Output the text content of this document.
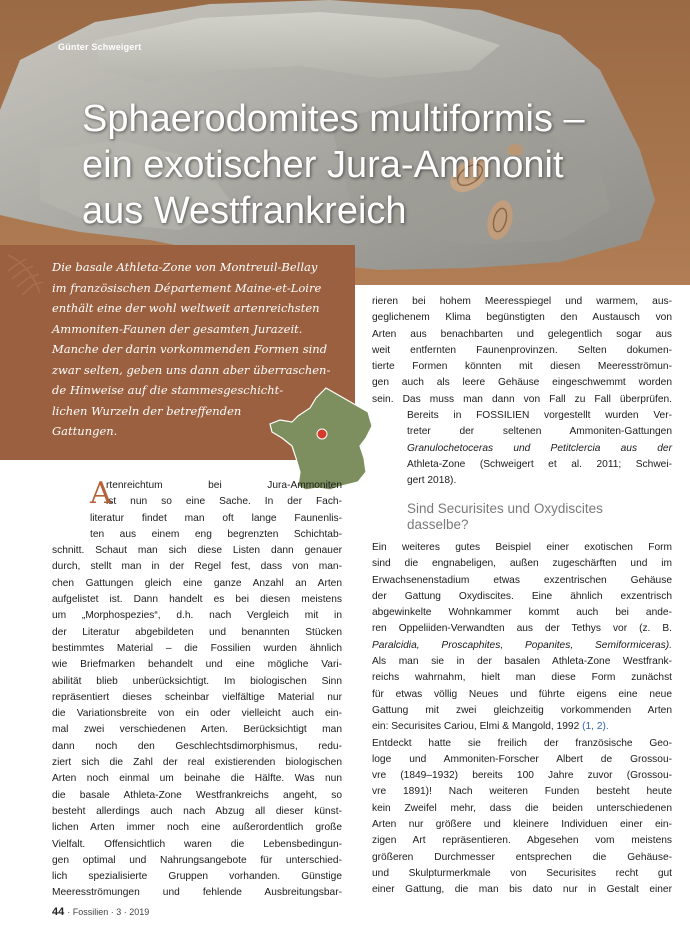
Günter Schweigert

Sphaerodomites multiformis –
ein exotischer Jura-Ammonit
aus Westfrankreich

Die basale Athleta-Zone von Montreuil-Bellay
im französischen Département Maine-et-Loire
enthält eine der wohl weltweit artenreichsten
Ammoniten-Faunen der gesamten Jurazeit.
Manche der darin vorkommenden Formen sind
zwar selten, geben uns dann aber überraschen-
de Hinweise auf die stammesgeschicht-
lichen Wurzeln der betreffenden
Gattungen.

A
rtenreichtum bei Jura-Ammoniten
ist nun so eine Sache. In der Fach-
literatur findet man oft lange Faunenlis-
ten aus einem eng begrenzten Schichtab-
schnitt. Schaut man sich diese Listen dann genauer
durch, stellt man in der Regel fest, dass von man-
chen Gattungen gleich eine ganze Anzahl an Arten
aufgelistet ist. Dann handelt es bei diesen meistens
um „Morphospezies“, d.h. nach Vergleich mit in
der Literatur abgebildeten und benannten Stücken
bestimmtes Material – die Fossilien wurden ähnlich
wie Briefmarken behandelt und eine mögliche Vari-
abilität blieb unberücksichtigt. Im biologischen Sinn
repräsentiert dieses scheinbar vielfältige Material nur
die Variationsbreite von ein oder vielleicht auch ein-
mal zwei verschiedenen Arten. Berücksichtigt man
dann noch den Geschlechtsdimorphismus, redu-
ziert sich die Zahl der real existierenden biologischen
Arten noch einmal um beinahe die Hälfte. Was nun
die basale Athleta-Zone Westfrankreichs angeht, so
besteht allerdings auch nach Abzug all dieser künst-
lichen Arten immer noch eine außerordentlich große
Vielfalt. Offensichtlich waren die Lebensbedingun-
gen optimal und Nahrungsangebote für unterschied-
lich spezialisierte Gruppen vorhanden. Günstige
Meeresströmungen und fehlende Ausbreitungsbar-
rieren bei hohem Meeresspiegel und warmem, aus-
geglichenem Klima begünstigten den Austausch von
Arten aus benachbarten und gelegentlich sogar aus
weit entfernten Faunenprovinzen. Selten dokumen-
tierte Formen könnten mit diesen Meeresströmun-
gen auch als leere Gehäuse eingeschwemmt worden
sein. Das muss man dann von Fall zu Fall überprüfen.
Bereits in FOSSILIEN vorgestellt wurden Ver-
treter der seltenen Ammoniten-Gattungen
Granulochetoceras und Petitclercia aus der
Athleta-Zone (Schweigert et al. 2011; Schwei-
gert 2018).
Sind Securisites und Oxydiscites
dasselbe?
Ein weiteres gutes Beispiel einer exotischen Form
sind die engnabeligen, außen zugeschärften und im
Erwachsenenstadium etwas exzentrischen Gehäuse
der Gattung Oxydiscites. Eine ähnlich exzentrisch
abgewinkelte Wohnkammer kommt auch bei ande-
ren Oppeliiden-Verwandten aus der Tethys vor (z. B.
Paralcidia, Proscaphites, Popanites, Semiformiceras).
Als man sie in der basalen Athleta-Zone Westfrank-
reichs wahrnahm, hielt man diese Form zunächst
für etwas völlig Neues und führte eigens eine neue
Gattung mit zwei gleichzeitig vorkommenden Arten
ein: Securisites Cariou, Elmi & Mangold, 1992 (1, 2).
Entdeckt hatte sie freilich der französische Geo-
loge und Ammoniten-Forscher Albert de Grossou-
vre (1849–1932) bereits 100 Jahre zuvor (Grossou-
vre 1891)! Nach weiteren Funden besteht heute
kein Zweifel mehr, dass die beiden unterschiedenen
Arten nur größere und kleinere Individuen einer ein-
zigen Art repräsentieren. Abgesehen vom meistens
größeren Durchmesser entsprechen die Gehäuse-
und Skulpturmerkmale von Securisites recht gut
einer Gattung, die man bis dato nur in Gestalt einer

44 · Fossilien · 3 · 2019
